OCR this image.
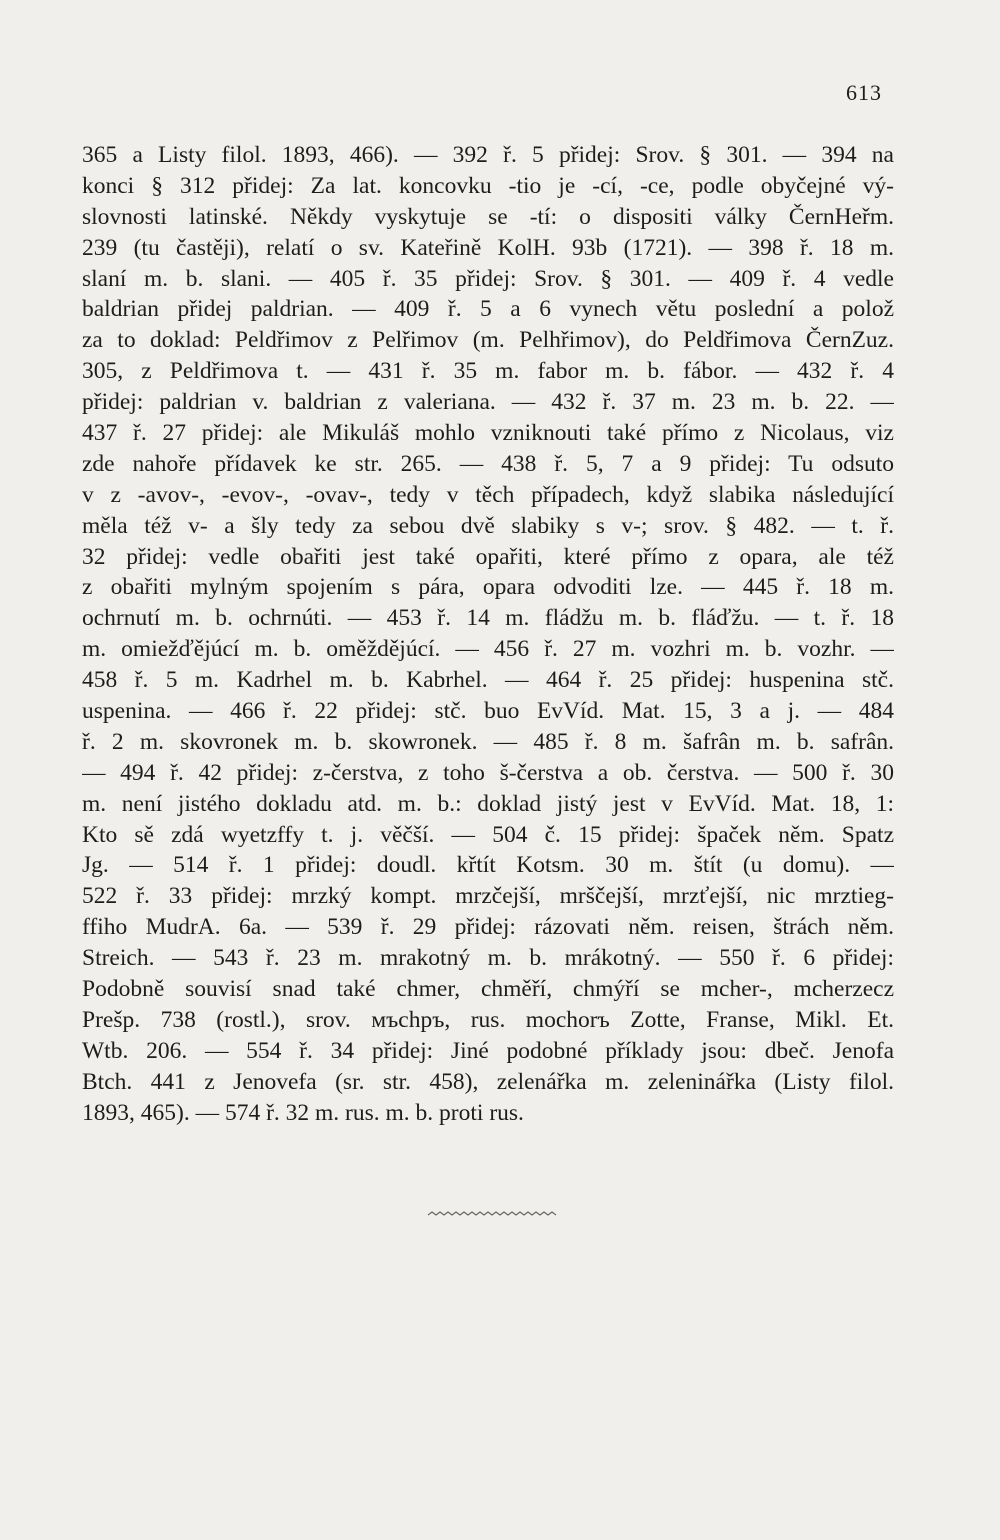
613
365 a Listy filol. 1893, 466). — 392 ř. 5 přidej: Srov. § 301. — 394 na
konci § 312 přidej: Za lat. koncovku -tio je -cí, -ce, podle obyčejné vý-
slovnosti latinské. Někdy vyskytuje se -tí: o dispositi války ČernHeřm.
239 (tu častěji), relatí o sv. Kateřině KolH. 93b (1721). — 398 ř. 18 m.
slaní m. b. slani. — 405 ř. 35 přidej: Srov. § 301. — 409 ř. 4 vedle
baldrian přidej paldrian. — 409 ř. 5 a 6 vynech větu poslední a polož
za to doklad: Peldřimov z Pelřimov (m. Pelhřimov), do Peldřimova ČernZuz.
305, z Peldřimova t. — 431 ř. 35 m. fabor m. b. fábor. — 432 ř. 4
přidej: paldrian v. baldrian z valeriana. — 432 ř. 37 m. 23 m. b. 22. —
437 ř. 27 přidej: ale Mikuláš mohlo vzniknouti také přímo z Nicolaus, viz
zde nahoře přídavek ke str. 265. — 438 ř. 5, 7 a 9 přidej: Tu odsuto
v z -avov-, -evov-, -ovav-, tedy v těch případech, když slabika následující
měla též v- a šly tedy za sebou dvě slabiky s v-; srov. § 482. — t. ř.
32 přidej: vedle obařiti jest také opařiti, které přímo z opara, ale též
z obařiti mylným spojením s pára, opara odvoditi lze. — 445 ř. 18 m.
ochrnutí m. b. ochrnúti. — 453 ř. 14 m. fládžu m. b. fláďžu. — t. ř. 18
m. omiežďějúcí m. b. oměždějúcí. — 456 ř. 27 m. vozhri m. b. vozhr. —
458 ř. 5 m. Kadrhel m. b. Kabrhel. — 464 ř. 25 přidej: huspenina stč.
uspenina. — 466 ř. 22 přidej: stč. buo EvVíd. Mat. 15, 3 a j. — 484
ř. 2 m. skovronek m. b. skowronek. — 485 ř. 8 m. šafrân m. b. safrân.
— 494 ř. 42 přidej: z-čerstva, z toho š-čerstva a ob. čerstva. — 500 ř. 30
m. není jistého dokladu atd. m. b.: doklad jistý jest v EvVíd. Mat. 18, 1:
Kto sě zdá wyetzffy t. j. věčší. — 504 č. 15 přidej: špaček něm. Spatz
Jg. — 514 ř. 1 přidej: doudl. křtít Kotsm. 30 m. štít (u domu). —
522 ř. 33 přidej: mrzký kompt. mrzčejší, mrščejší, mrzťejší, nic mrztieg-
ffiho MudrA. 6a. — 539 ř. 29 přidej: rázovati něm. reisen, štrách něm.
Streich. — 543 ř. 23 m. mrakotný m. b. mrákotný. — 550 ř. 6 přidej:
Podobně souvisí snad také chmer, chměří, chmýří se mcher-, mcherzecz
Prešp. 738 (rostl.), srov. мъchръ, rus. mochorъ Zotte, Franse, Mikl. Et.
Wtb. 206. — 554 ř. 34 přidej: Jiné podobné příklady jsou: dbeč. Jenofa
Btch. 441 z Jenovefa (sr. str. 458), zelenářka m. zeleninářka (Listy filol.
1893, 465). — 574 ř. 32 m. rus. m. b. proti rus.
